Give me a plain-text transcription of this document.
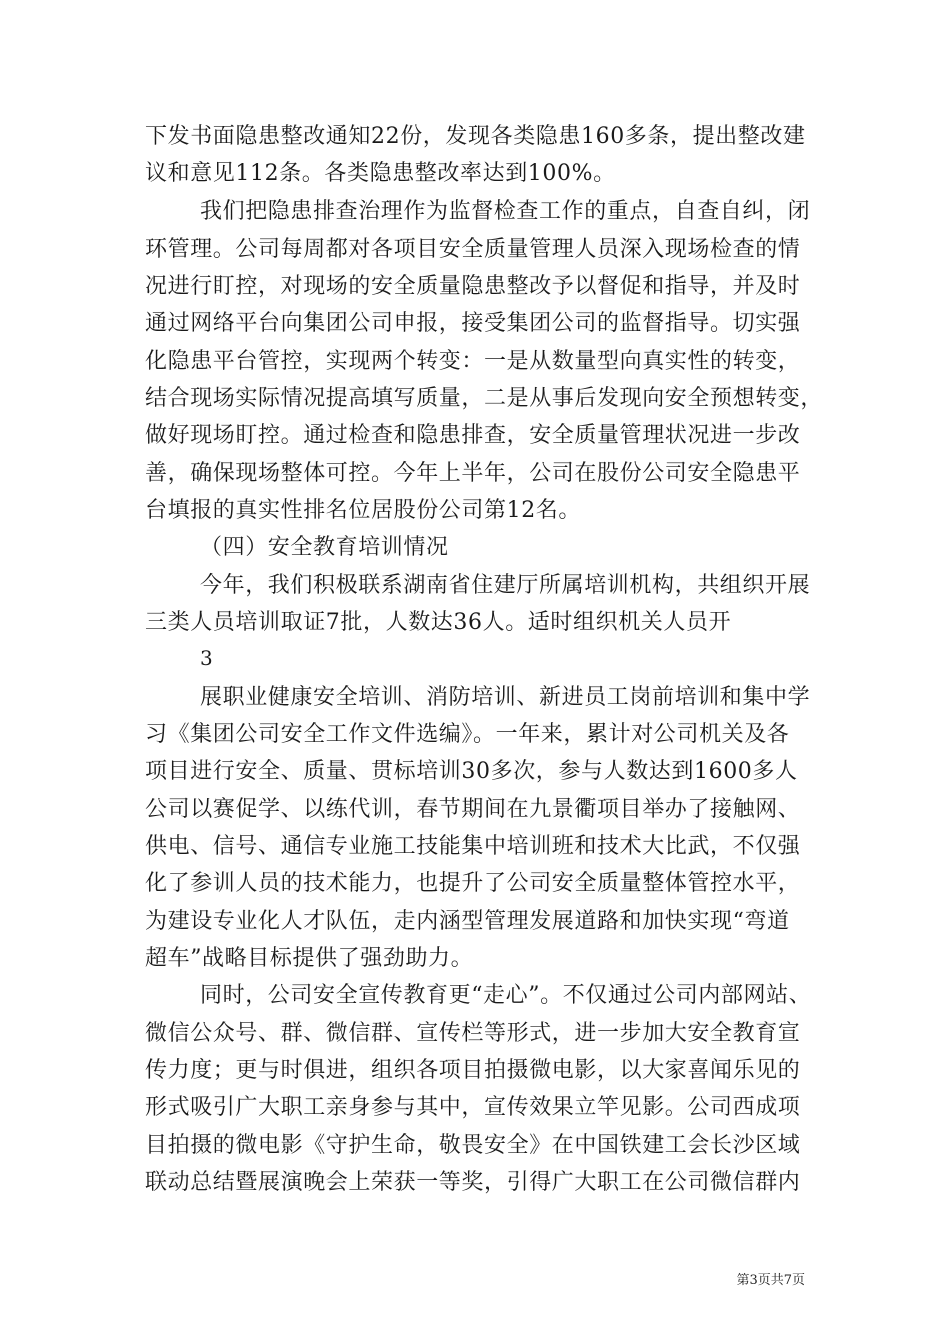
下发书面隐患整改通知22份，发现各类隐患160多条，提出整改建
议和意见112条。各类隐患整改率达到100%。
我们把隐患排查治理作为监督检查工作的重点，自查自纠，闭
环管理。公司每周都对各项目安全质量管理人员深入现场检查的情
况进行盯控，对现场的安全质量隐患整改予以督促和指导，并及时
通过网络平台向集团公司申报，接受集团公司的监督指导。切实强
化隐患平台管控，实现两个转变：一是从数量型向真实性的转变，
结合现场实际情况提高填写质量，二是从事后发现向安全预想转变，
做好现场盯控。通过检查和隐患排查，安全质量管理状况进一步改
善，确保现场整体可控。今年上半年，公司在股份公司安全隐患平
台填报的真实性排名位居股份公司第12名。
（四）安全教育培训情况
今年，我们积极联系湖南省住建厅所属培训机构，共组织开展
三类人员培训取证7批，人数达36人。适时组织机关人员开
3
展职业健康安全培训、消防培训、新进员工岗前培训和集中学
习《集团公司安全工作文件选编》。一年来，累计对公司机关及各
项目进行安全、质量、贯标培训30多次，参与人数达到1600多人
公司以赛促学、以练代训，春节期间在九景衢项目举办了接触网、
供电、信号、通信专业施工技能集中培训班和技术大比武，不仅强
化了参训人员的技术能力，也提升了公司安全质量整体管控水平，
为建设专业化人才队伍，走内涵型管理发展道路和加快实现“弯道
超车”战略目标提供了强劲助力。
同时，公司安全宣传教育更“走心”。不仅通过公司内部网站、
微信公众号、群、微信群、宣传栏等形式，进一步加大安全教育宣
传力度；更与时俱进，组织各项目拍摄微电影，以大家喜闻乐见的
形式吸引广大职工亲身参与其中，宣传效果立竿见影。公司西成项
目拍摄的微电影《守护生命，敬畏安全》在中国铁建工会长沙区域
联动总结暨展演晚会上荣获一等奖，引得广大职工在公司微信群内
第3页共7页
